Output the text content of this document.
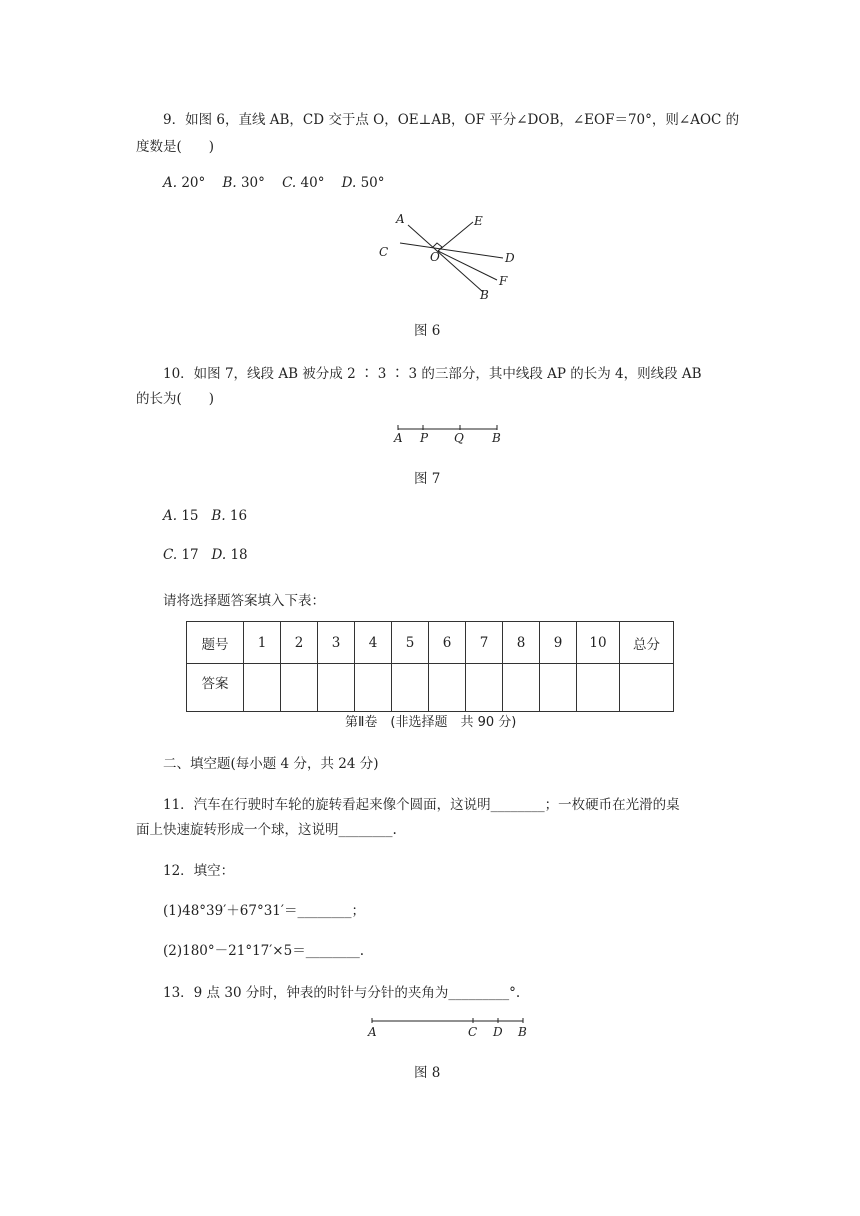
9．如图 6，直线 AB，CD 交于点 O，OE⊥AB，OF 平分∠DOB，∠EOF＝70°，则∠AOC 的
度数是(　　)
A. 20° B. 30° C. 40° D. 50°
A	E
C	O	D
F
B
图 6
10．如图 7，线段 AB 被分成 2 ∶ 3 ∶ 3 的三部分，其中线段 AP 的长为 4，则线段 AB
的长为(　　)
A P Q B
图 7
A. 15 B. 16
C. 17 D. 18
请将选择题答案填入下表：
题号	1	2	3	4	5	6	7	8	9	10	总分
答案											
第Ⅱ卷　(非选择题　共 90 分)
二、填空题(每小题 4 分，共 24 分)
11．汽车在行驶时车轮的旋转看起来像个圆面，这说明________；一枚硬币在光滑的桌
面上快速旋转形成一个球，这说明________.
12．填空：
(1)48°39′＋67°31′＝________；
(2)180°－21°17′×5＝________.
13．9 点 30 分时，钟表的时针与分针的夹角为_________°.
A	C D B
图 8
